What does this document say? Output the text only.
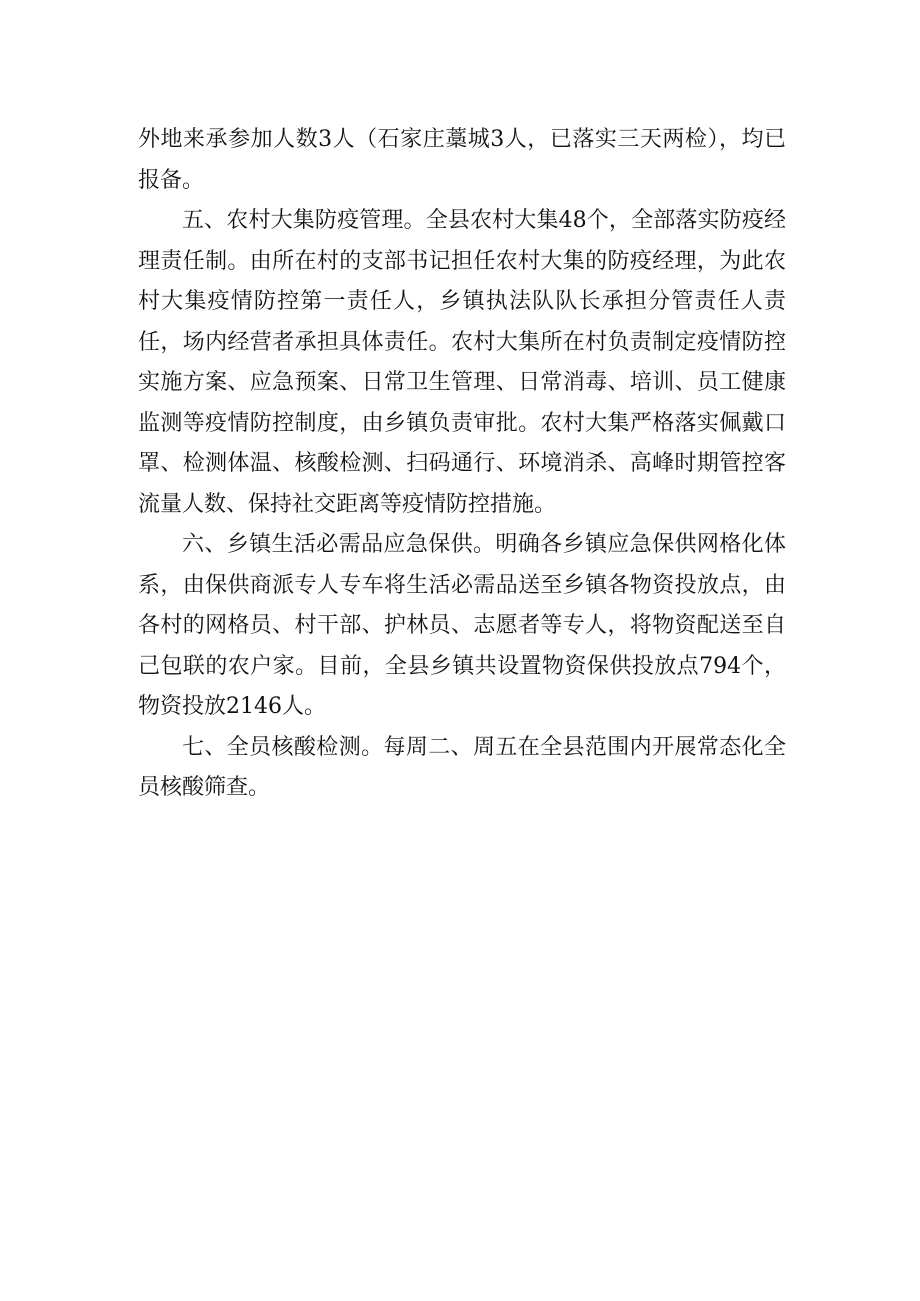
外地来承参加人数3人（石家庄藁城3人，已落实三天两检），均已报备。

五、农村大集防疫管理。全县农村大集48个，全部落实防疫经理责任制。由所在村的支部书记担任农村大集的防疫经理，为此农村大集疫情防控第一责任人，乡镇执法队队长承担分管责任人责任，场内经营者承担具体责任。农村大集所在村负责制定疫情防控实施方案、应急预案、日常卫生管理、日常消毒、培训、员工健康监测等疫情防控制度，由乡镇负责审批。农村大集严格落实佩戴口罩、检测体温、核酸检测、扫码通行、环境消杀、高峰时期管控客流量人数、保持社交距离等疫情防控措施。

六、乡镇生活必需品应急保供。明确各乡镇应急保供网格化体系，由保供商派专人专车将生活必需品送至乡镇各物资投放点，由各村的网格员、村干部、护林员、志愿者等专人，将物资配送至自己包联的农户家。目前，全县乡镇共设置物资保供投放点794个，物资投放2146人。

七、全员核酸检测。每周二、周五在全县范围内开展常态化全员核酸筛查。
